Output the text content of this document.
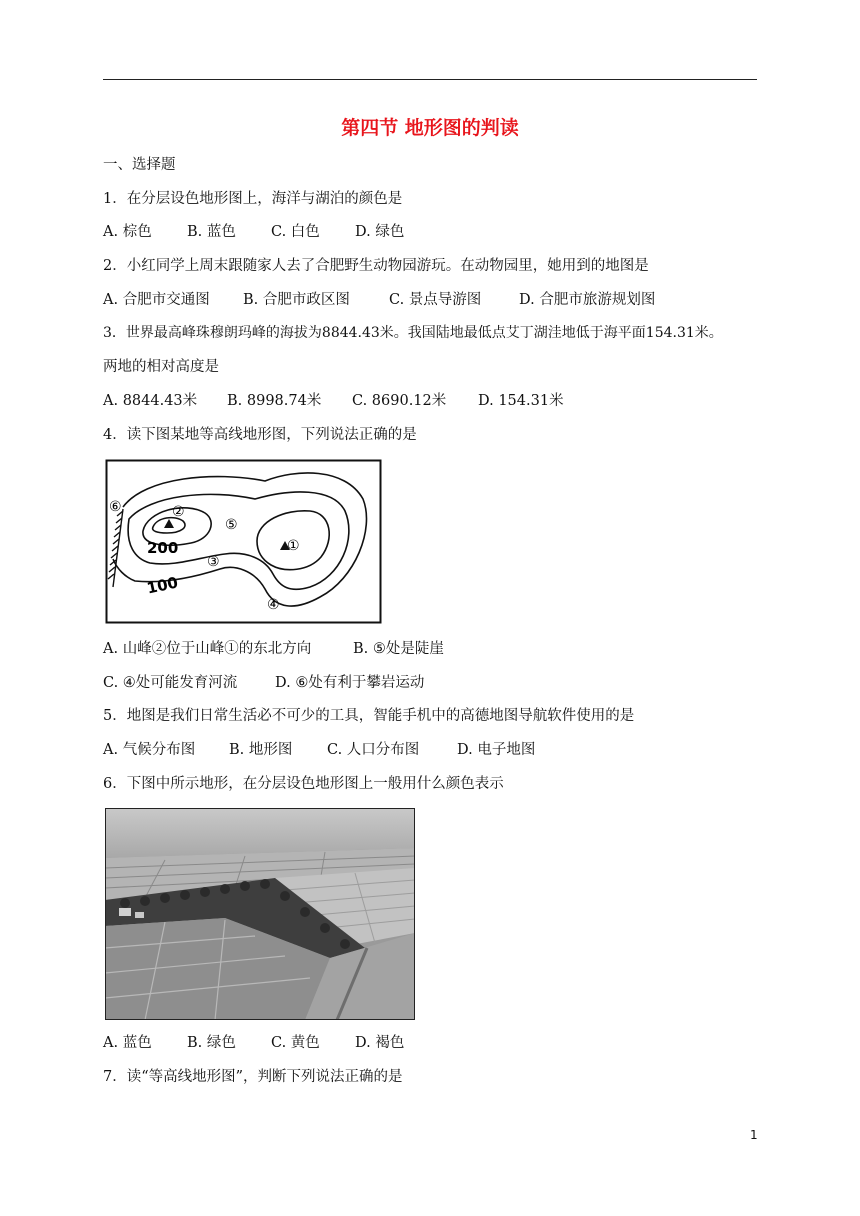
第四节 地形图的判读
一、选择题
1．在分层设色地形图上，海洋与湖泊的颜色是
A. 棕色 B. 蓝色 C. 白色 D. 绿色
2．小红同学上周末跟随家人去了合肥野生动物园游玩。在动物园里，她用到的地图是
A. 合肥市交通图 B. 合肥市政区图	C. 景点导游图	D. 合肥市旅游规划图
3．世界最高峰珠穆朗玛峰的海拔为8844.43米。我国陆地最低点艾丁湖洼地低于海平面154.31米。
两地的相对高度是
A. 8844.43米 B. 8998.74米 C. 8690.12米 D. 154.31米
4．读下图某地等高线地形图，下列说法正确的是
②
①
⑤
⑥
③
④
200
100
A. 山峰②位于山峰①的东北方向	B. ⑤处是陡崖
C. ④处可能发育河流	D. ⑥处有利于攀岩运动
5．地图是我们日常生活必不可少的工具，智能手机中的高德地图导航软件使用的是
A. 气候分布图 B. 地形图 C. 人口分布图	D. 电子地图
6．下图中所示地形，在分层设色地形图上一般用什么颜色表示
A. 蓝色 B. 绿色 C. 黄色 D. 褐色
7．读“等高线地形图”，判断下列说法正确的是
1
